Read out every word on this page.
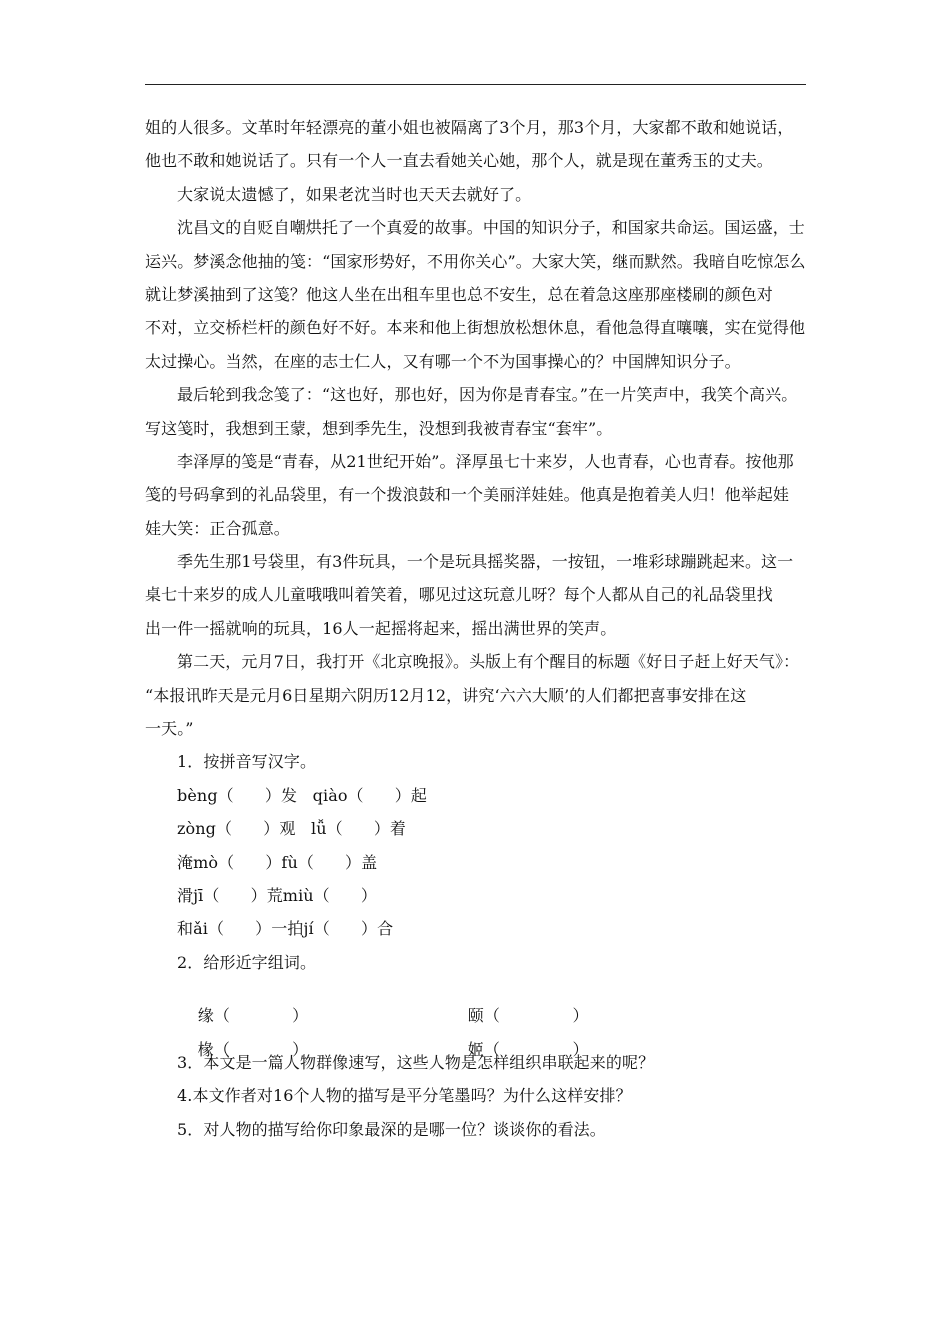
姐的人很多。文革时年轻漂亮的董小姐也被隔离了3个月，那3个月，大家都不敢和她说话，
他也不敢和她说话了。只有一个人一直去看她关心她，那个人，就是现在董秀玉的丈夫。
大家说太遗憾了，如果老沈当时也天天去就好了。
沈昌文的自贬自嘲烘托了一个真爱的故事。中国的知识分子，和国家共命运。国运盛，士
运兴。梦溪念他抽的笺：“国家形势好，不用你关心”。大家大笑，继而默然。我暗自吃惊怎么
就让梦溪抽到了这笺？他这人坐在出租车里也总不安生，总在着急这座那座楼刷的颜色对
不对，立交桥栏杆的颜色好不好。本来和他上街想放松想休息，看他急得直嚷嚷，实在觉得他
太过操心。当然，在座的志士仁人，又有哪一个不为国事操心的？中国牌知识分子。
最后轮到我念笺了：“这也好，那也好，因为你是青春宝。”在一片笑声中，我笑个高兴。
写这笺时，我想到王蒙，想到季先生，没想到我被青春宝“套牢”。
李泽厚的笺是“青春，从21世纪开始”。泽厚虽七十来岁，人也青春，心也青春。按他那
笺的号码拿到的礼品袋里，有一个拨浪鼓和一个美丽洋娃娃。他真是抱着美人归！他举起娃
娃大笑：正合孤意。
季先生那1号袋里，有3件玩具，一个是玩具摇奖器，一按钮，一堆彩球蹦跳起来。这一
桌七十来岁的成人儿童哦哦叫着笑着，哪见过这玩意儿呀？每个人都从自己的礼品袋里找
出一件一摇就响的玩具，16人一起摇将起来，摇出满世界的笑声。
第二天，元月7日，我打开《北京晚报》。头版上有个醒目的标题《好日子赶上好天气》：
“本报讯昨天是元月6日星期六阴历12月12，讲究‘六六大顺’的人们都把喜事安排在这
一天。”
1．按拼音写汉字。
bèng（      ）发   qiào（      ）起
zòng（      ）观   lǚ（      ）着
淹mò（      ）fù（      ）盖
滑jī（      ）荒miù（      ）
和ǎi（      ）一拍jí（      ）合
2．给形近字组词。

缘（            ）	颐（              ）

椽（            ）	姬（              ）

3．本文是一篇人物群像速写，这些人物是怎样组织串联起来的呢？
4.本文作者对16个人物的描写是平分笔墨吗？为什么这样安排？
5．对人物的描写给你印象最深的是哪一位？谈谈你的看法。
